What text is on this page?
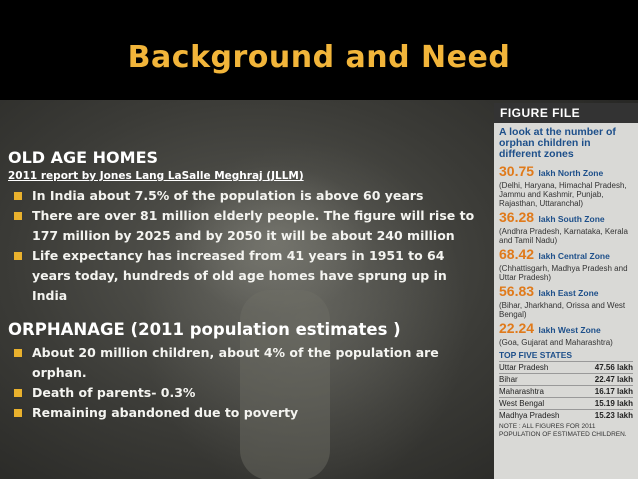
Background and Need
OLD AGE HOMES
2011 report by Jones Lang LaSalle Meghraj (JLLM)
In India about 7.5% of the population is above 60 years
There are over 81 million elderly people. The figure will rise to 177 million by 2025 and by 2050 it will be about 240 million
Life expectancy has increased from 41 years in 1951 to 64 years today, hundreds of old age homes have sprung up in India
ORPHANAGE (2011 population estimates )
About 20 million children, about 4% of the population are orphan.
Death of parents- 0.3%
Remaining abandoned due to poverty
FIGURE FILE
A look at the number of orphan children in different zones
30.75 lakh North Zone
(Delhi, Haryana, Himachal Pradesh, Jammu and Kashmir, Punjab, Rajasthan, Uttaranchal)
36.28 lakh South Zone
(Andhra Pradesh, Karnataka, Kerala and Tamil Nadu)
68.42 lakh Central Zone
(Chhattisgarh, Madhya Pradesh and Uttar Pradesh)
56.83 lakh East Zone
(Bihar, Jharkhand, Orissa and West Bengal)
22.24 lakh West Zone
(Goa, Gujarat and Maharashtra)
TOP FIVE STATES
Uttar Pradesh	47.56 lakh
Bihar	22.47 lakh
Maharashtra	16.17 lakh
West Bengal	15.19 lakh
Madhya Pradesh	15.23 lakh
NOTE : ALL FIGURES FOR 2011 POPULATION OF ESTIMATED CHILDREN.
